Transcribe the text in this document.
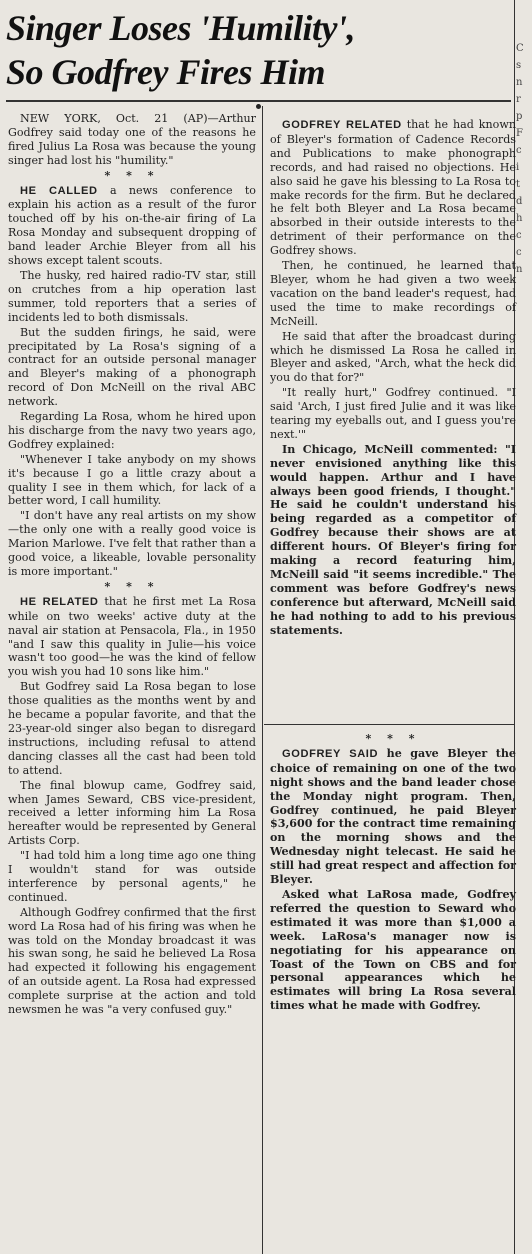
Singer Loses 'Humility',
So Godfrey Fires Him

NEW YORK, Oct. 21 (AP)—Arthur Godfrey said today one of the reasons he fired Julius La Rosa was because the young singer had lost his "humility."

* * *

HE CALLED a news conference to explain his action as a result of the furor touched off by his on-the-air firing of La Rosa Monday and subsequent dropping of band leader Archie Bleyer from all his shows except talent scouts.

The husky, red haired radio-TV star, still on crutches from a hip operation last summer, told reporters that a series of incidents led to both dismissals.

But the sudden firings, he said, were precipitated by La Rosa's signing of a contract for an outside personal manager and Bleyer's making of a phonograph record of Don McNeill on the rival ABC network.

Regarding La Rosa, whom he hired upon his discharge from the navy two years ago, Godfrey explained:

"Whenever I take anybody on my shows it's because I go a little crazy about a quality I see in them which, for lack of a better word, I call humility.

"I don't have any real artists on my show—the only one with a really good voice is Marion Marlowe. I've felt that rather than a good voice, a likeable, lovable personality is more important."

* * *

HE RELATED that he first met La Rosa while on two weeks' active duty at the naval air station at Pensacola, Fla., in 1950 "and I saw this quality in Julie—his voice wasn't too good—he was the kind of fellow you wish you had 10 sons like him."

But Godfrey said La Rosa began to lose those qualities as the months went by and he became a popular favorite, and that the 23-year-old singer also began to disregard instructions, including refusal to attend dancing classes all the cast had been told to attend.

The final blowup came, Godfrey said, when James Seward, CBS vice-president, received a letter informing him La Rosa hereafter would be represented by General Artists Corp.

"I had told him a long time ago one thing I wouldn't stand for was outside interference by personal agents," he continued.

Although Godfrey confirmed that the first word La Rosa had of his firing was when he was told on the Monday broadcast it was his swan song, he said he believed La Rosa had expected it following his engagement of an outside agent. La Rosa had expressed complete surprise at the action and told newsmen he was "a very confused guy."

GODFREY RELATED that he had known of Bleyer's formation of Cadence Records and Publications to make phonograph records, and had raised no objections. He also said he gave his blessing to La Rosa to make records for the firm. But he declared he felt both Bleyer and La Rosa became absorbed in their outside interests to the detriment of their performance on the Godfrey shows.

Then, he continued, he learned that Bleyer, whom he had given a two week vacation on the band leader's request, had used the time to make recordings of McNeill.

He said that after the broadcast during which he dismissed La Rosa he called in Bleyer and asked, "Arch, what the heck did you do that for?"

"It really hurt," Godfrey continued. "I said 'Arch, I just fired Julie and it was like tearing my eyeballs out, and I guess you're next.'"

In Chicago, McNeill commented: "I never envisioned anything like this would happen. Arthur and I have always been good friends, I thought." He said he couldn't understand his being regarded as a competitor of Godfrey because their shows are at different hours. Of Bleyer's firing for making a record featuring him, McNeill said "it seems incredible." The comment was before Godfrey's news conference but afterward, McNeill said he had nothing to add to his previous statements.

* * *

GODFREY SAID he gave Bleyer the choice of remaining on one of the two night shows and the band leader chose the Monday night program. Then, Godfrey continued, he paid Bleyer $3,600 for the contract time remaining on the morning shows and the Wednesday night telecast. He said he still had great respect and affection for Bleyer.

Asked what LaRosa made, Godfrey referred the question to Seward who estimated it was more than $1,000 a week. LaRosa's manager now is negotiating for his appearance on Toast of the Town on CBS and for personal appearances which he estimates will bring La Rosa several times what he made with Godfrey.

C
s
n
r
p
F
c
i
t
d
h
c
c
n
